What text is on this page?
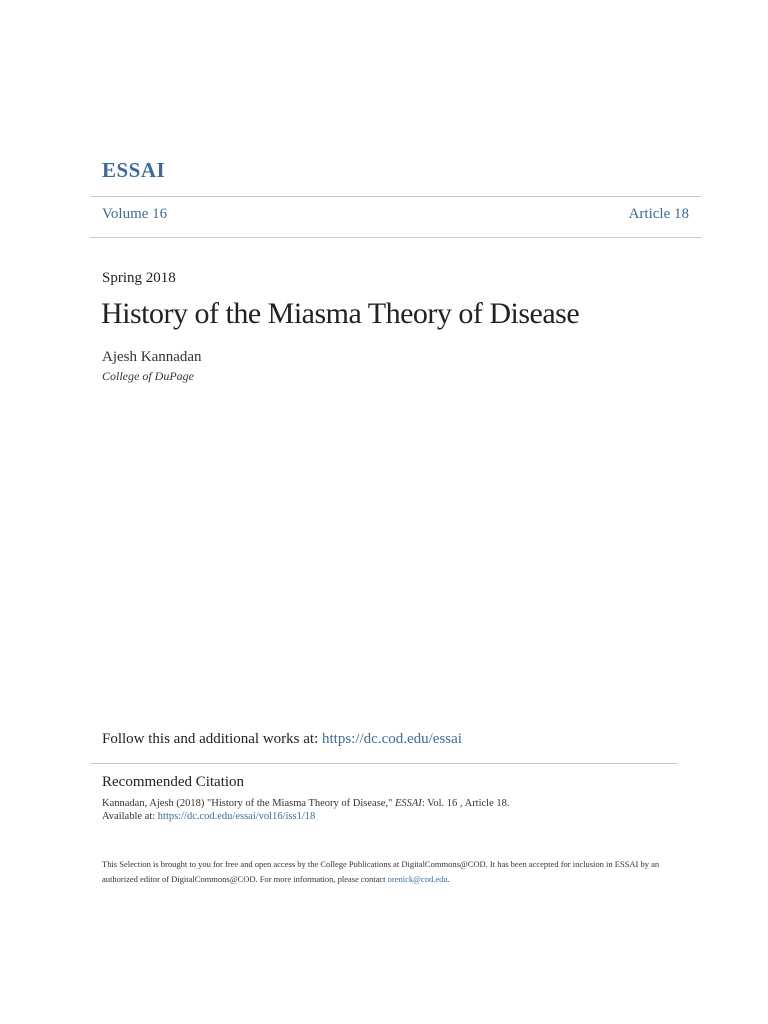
ESSAI
Volume 16	Article 18
Spring 2018
History of the Miasma Theory of Disease
Ajesh Kannadan
College of DuPage
Follow this and additional works at: https://dc.cod.edu/essai
Recommended Citation
Kannadan, Ajesh (2018) "History of the Miasma Theory of Disease," ESSAI: Vol. 16 , Article 18.
Available at: https://dc.cod.edu/essai/vol16/iss1/18
This Selection is brought to you for free and open access by the College Publications at DigitalCommons@COD. It has been accepted for inclusion in ESSAI by an authorized editor of DigitalCommons@COD. For more information, please contact orenick@cod.edu.
